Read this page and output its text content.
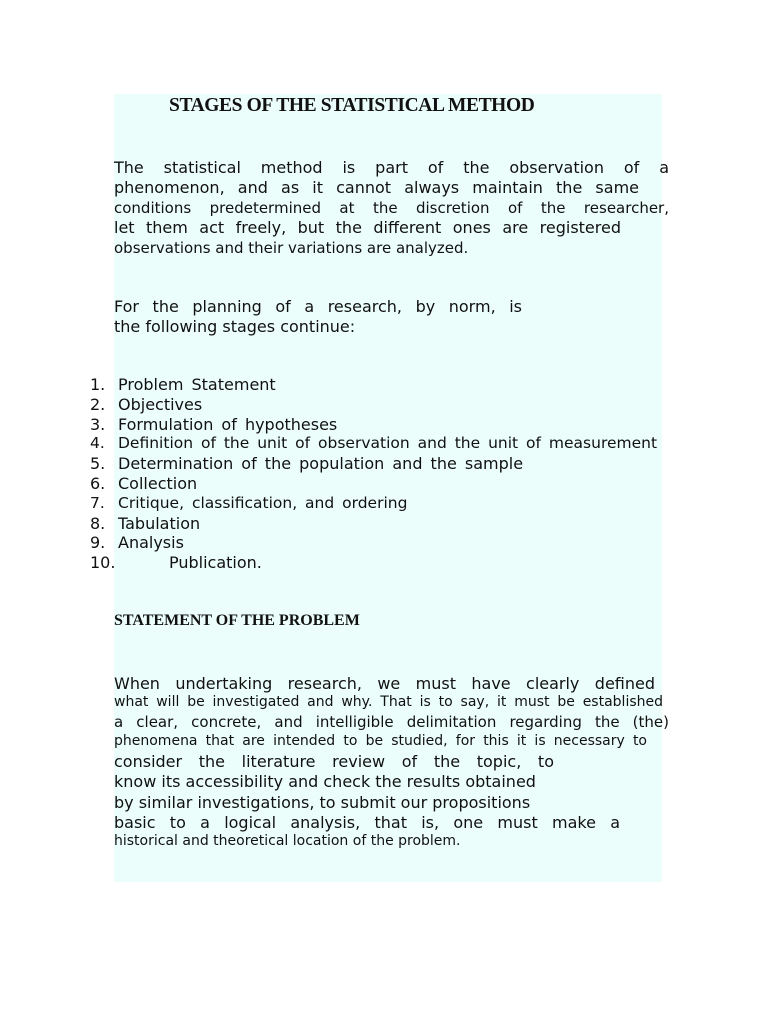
STAGES OF THE STATISTICAL METHOD
The statistical method is part of the observation of a
phenomenon, and as it cannot always maintain the same
conditions predetermined at the discretion of the researcher,
let them act freely, but the different ones are registered
observations and their variations are analyzed.
For the planning of a research, by norm, is
the following stages continue:
1. Problem Statement
2. Objectives
3. Formulation of hypotheses
4. Definition of the unit of observation and the unit of measurement
5. Determination of the population and the sample
6. Collection
7. Critique, classification, and ordering
8. Tabulation
9. Analysis
10.	Publication.
STATEMENT OF THE PROBLEM
When undertaking research, we must have clearly defined
what will be investigated and why. That is to say, it must be established
a clear, concrete, and intelligible delimitation regarding the (the)
phenomena that are intended to be studied, for this it is necessary to
consider the literature review of the topic, to
know its accessibility and check the results obtained
by similar investigations, to submit our propositions
basic to a logical analysis, that is, one must make a
historical and theoretical location of the problem.
